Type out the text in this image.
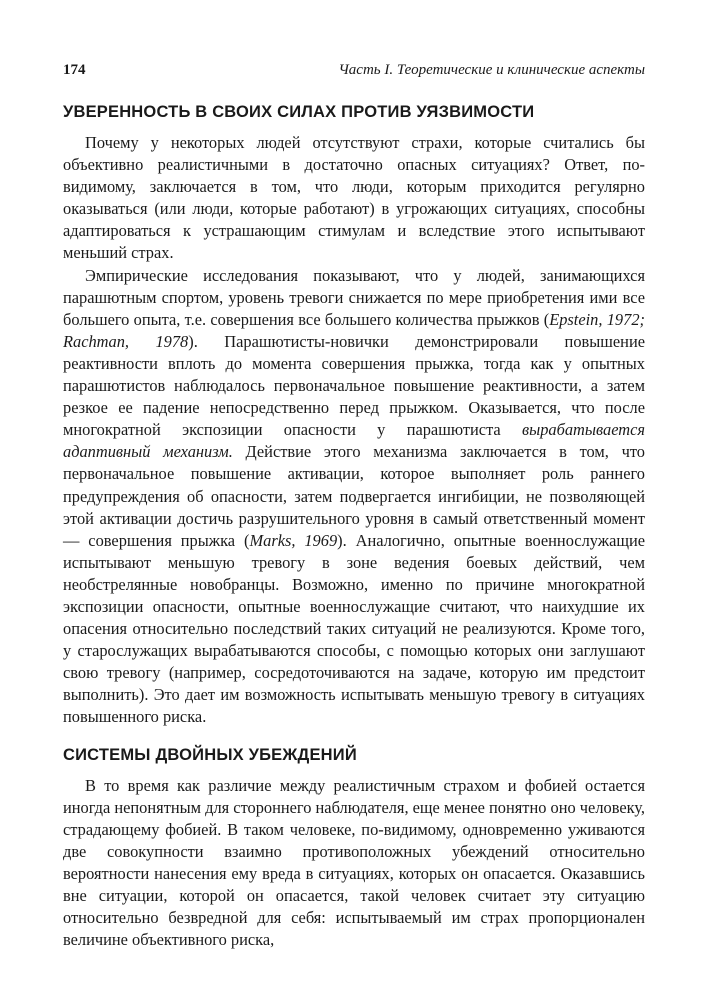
174	Часть I. Теоретические и клинические аспекты
УВЕРЕННОСТЬ В СВОИХ СИЛАХ ПРОТИВ УЯЗВИМОСТИ

Почему у некоторых людей отсутствуют страхи, которые считались бы объективно реалистичными в достаточно опасных ситуациях? Ответ, по-видимому, заключается в том, что люди, которым приходится регулярно оказываться (или люди, которые работают) в угрожающих ситуациях, способны адаптироваться к устрашающим стимулам и вследствие этого испытывают меньший страх.

Эмпирические исследования показывают, что у людей, занимающихся парашютным спортом, уровень тревоги снижается по мере приобретения ими все большего опыта, т.е. совершения все большего количества прыжков (Epstein, 1972; Rachman, 1978). Парашютисты-новички демонстрировали повышение реактивности вплоть до момента совершения прыжка, тогда как у опытных парашютистов наблюдалось первоначальное повышение реактивности, а затем резкое ее падение непосредственно перед прыжком. Оказывается, что после многократной экспозиции опасности у парашютиста вырабатывается адаптивный механизм. Действие этого механизма заключается в том, что первоначальное повышение активации, которое выполняет роль раннего предупреждения об опасности, затем подвергается ингибиции, не позволяющей этой активации достичь разрушительного уровня в самый ответственный момент — совершения прыжка (Marks, 1969). Аналогично, опытные военнослужащие испытывают меньшую тревогу в зоне ведения боевых действий, чем необстрелянные новобранцы. Возможно, именно по причине многократной экспозиции опасности, опытные военнослужащие считают, что наихудшие их опасения относительно последствий таких ситуаций не реализуются. Кроме того, у старослужащих вырабатываются способы, с помощью которых они заглушают свою тревогу (например, сосредоточиваются на задаче, которую им предстоит выполнить). Это дает им возможность испытывать меньшую тревогу в ситуациях повышенного риска.

СИСТЕМЫ ДВОЙНЫХ УБЕЖДЕНИЙ

В то время как различие между реалистичным страхом и фобией остается иногда непонятным для стороннего наблюдателя, еще менее понятно оно человеку, страдающему фобией. В таком человеке, по-видимому, одновременно уживаются две совокупности взаимно противоположных убеждений относительно вероятности нанесения ему вреда в ситуациях, которых он опасается. Оказавшись вне ситуации, которой он опасается, такой человек считает эту ситуацию относительно безвредной для себя: испытываемый им страх пропорционален величине объективного риска,
